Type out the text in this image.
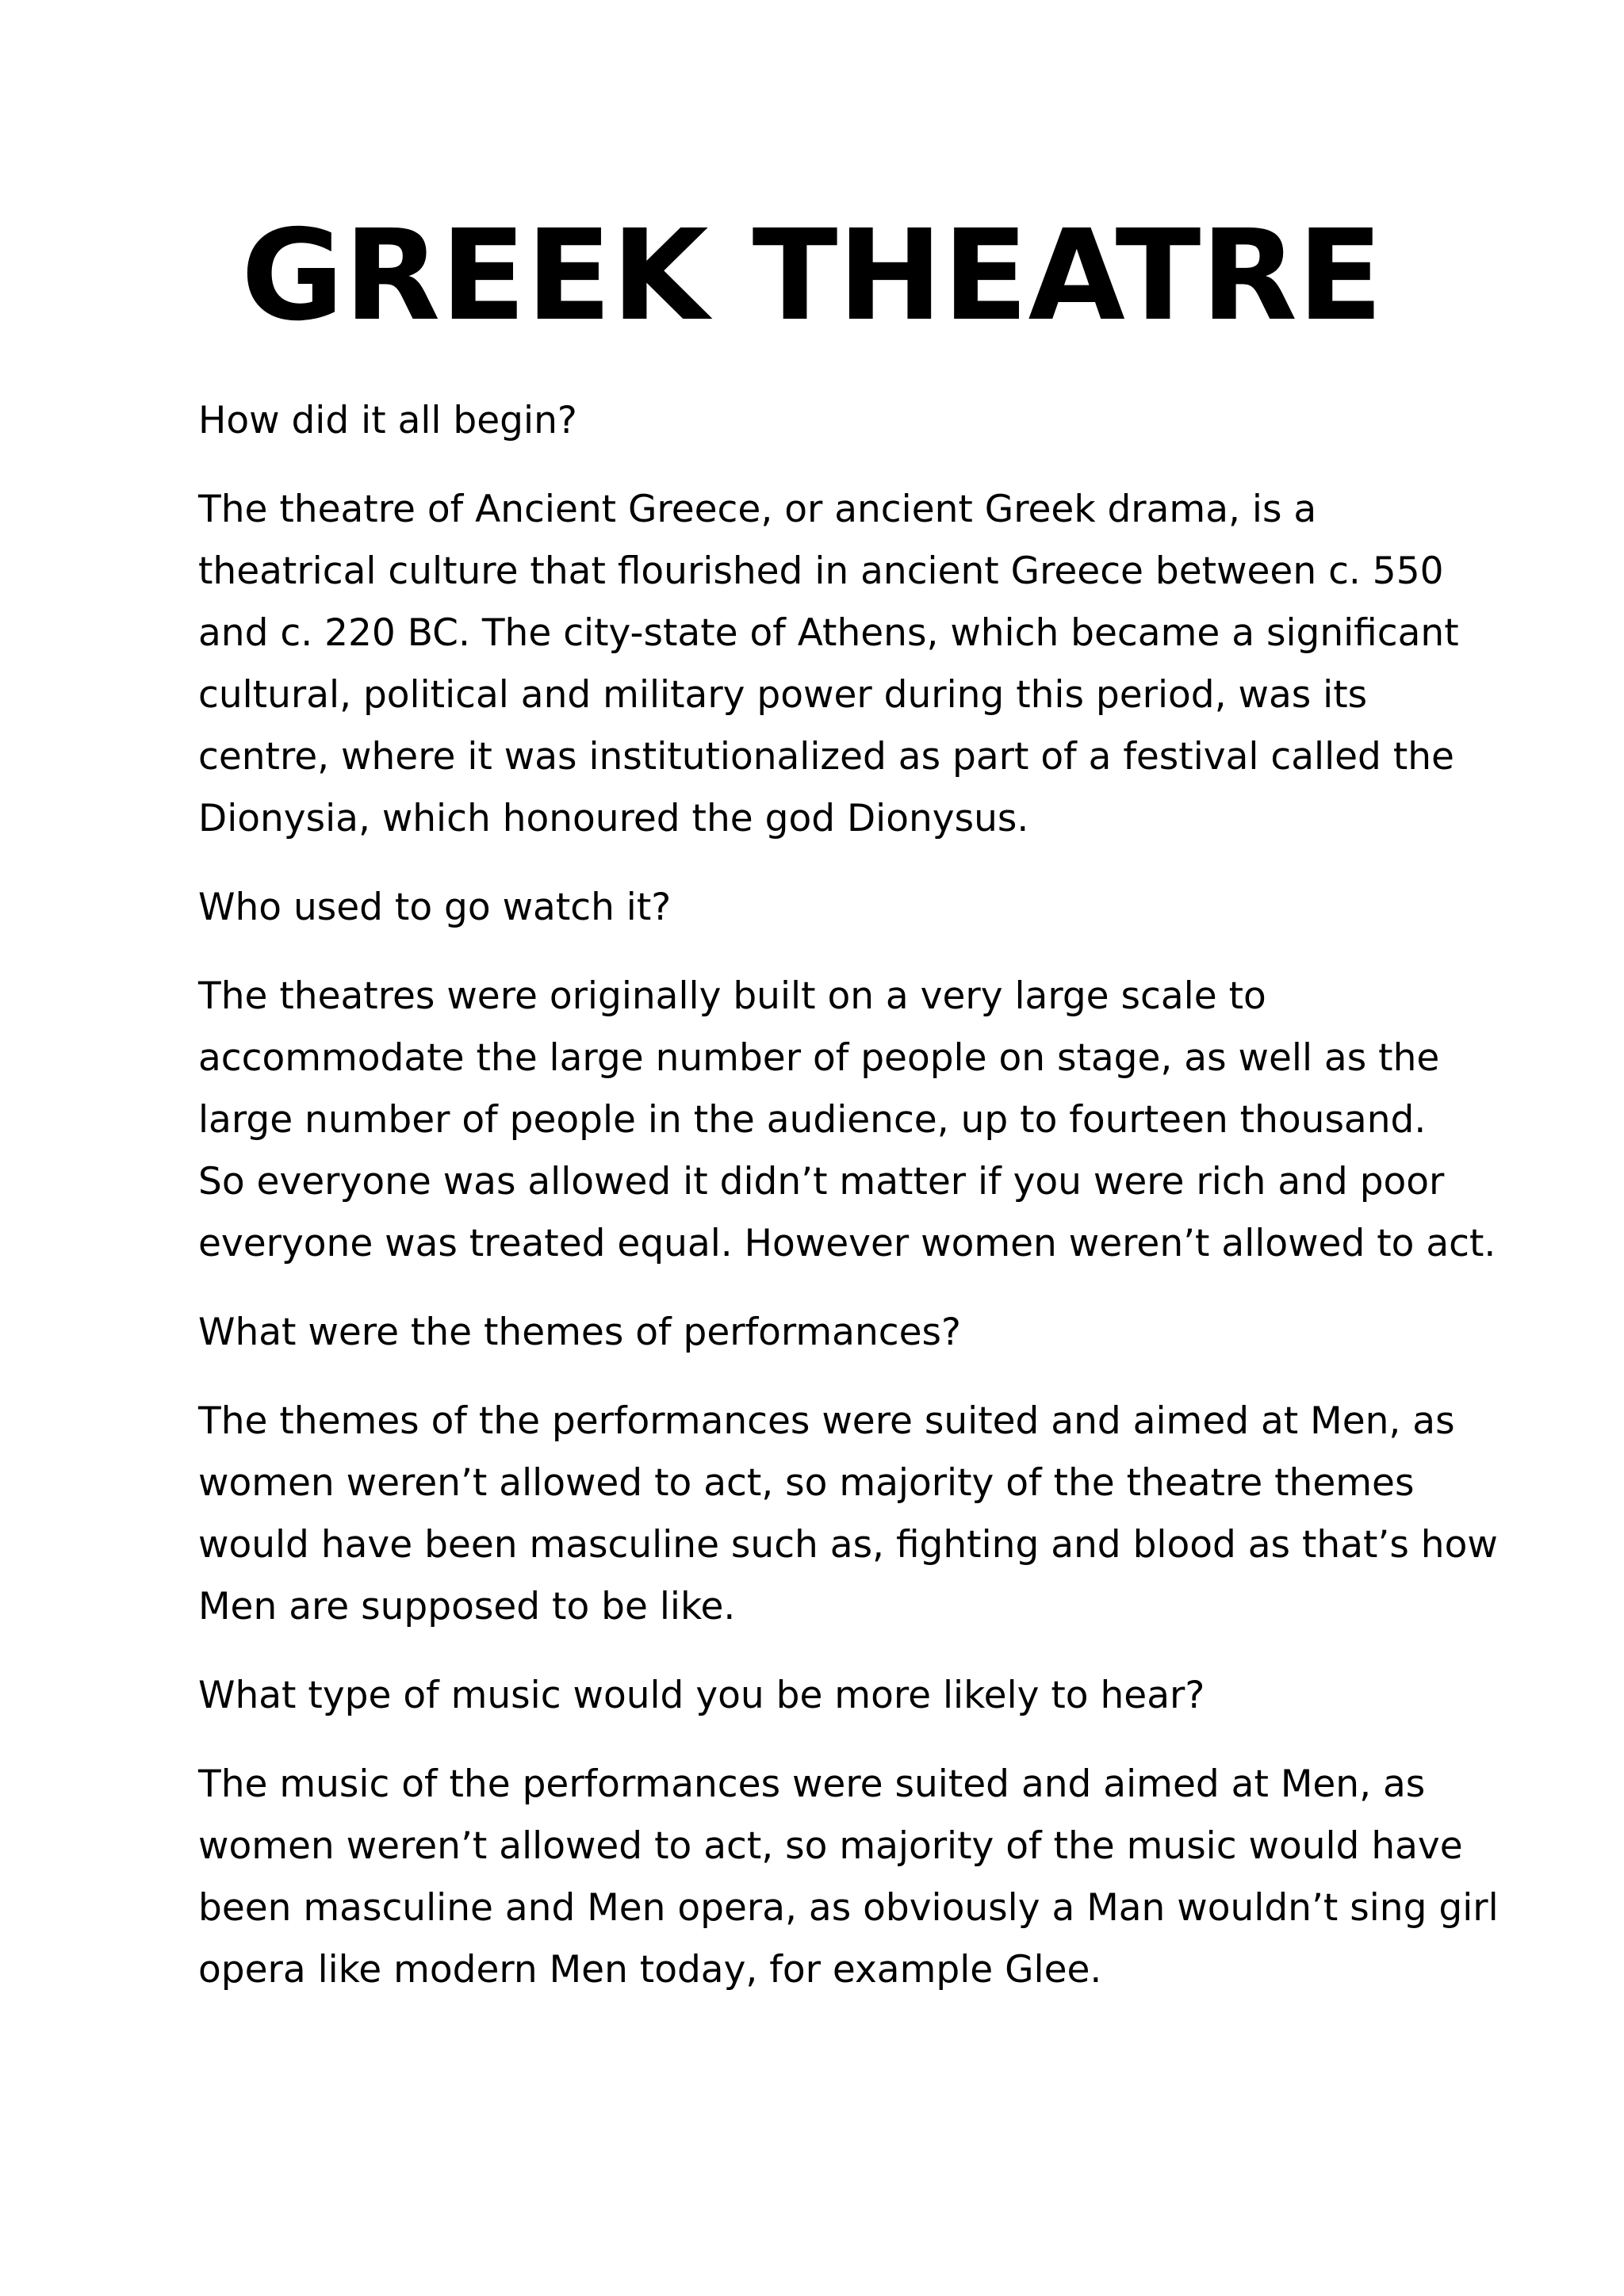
GREEK THEATRE

How did it all begin?

The theatre of Ancient Greece, or ancient Greek drama, is a
theatrical culture that flourished in ancient Greece between c. 550
and c. 220 BC. The city-state of Athens, which became a significant
cultural, political and military power during this period, was its
centre, where it was institutionalized as part of a festival called the
Dionysia, which honoured the god Dionysus.

Who used to go watch it?

The theatres were originally built on a very large scale to
accommodate the large number of people on stage, as well as the
large number of people in the audience, up to fourteen thousand.
So everyone was allowed it didn’t matter if you were rich and poor
everyone was treated equal. However women weren’t allowed to act.

What were the themes of performances?

The themes of the performances were suited and aimed at Men, as
women weren’t allowed to act, so majority of the theatre themes
would have been masculine such as, fighting and blood as that’s how
Men are supposed to be like.

What type of music would you be more likely to hear?

The music of the performances were suited and aimed at Men, as
women weren’t allowed to act, so majority of the music would have
been masculine and Men opera, as obviously a Man wouldn’t sing girl
opera like modern Men today, for example Glee.
